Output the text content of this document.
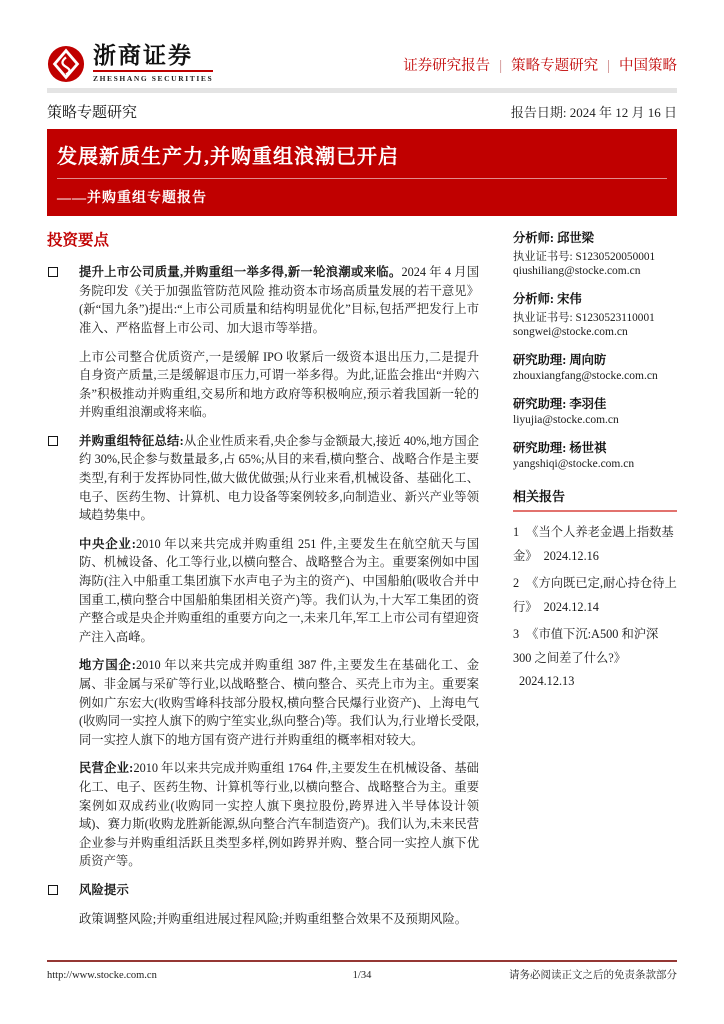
浙商证券
ZHESHANG SECURITIES
证券研究报告 | 策略专题研究 | 中国策略
策略专题研究	报告日期: 2024 年 12 月 16 日
发展新质生产力,并购重组浪潮已开启
——并购重组专题报告
投资要点
提升上市公司质量,并购重组一举多得,新一轮浪潮或来临。2024 年 4 月国务院印发《关于加强监管防范风险 推动资本市场高质量发展的若干意见》(新“国九条”)提出:“上市公司质量和结构明显优化”目标,包括严把发行上市准入、严格监督上市公司、加大退市等举措。
上市公司整合优质资产,一是缓解 IPO 收紧后一级资本退出压力,二是提升自身资产质量,三是缓解退市压力,可谓一举多得。为此,证监会推出“并购六条”积极推动并购重组,交易所和地方政府等积极响应,预示着我国新一轮的并购重组浪潮或将来临。
并购重组特征总结:从企业性质来看,央企参与金额最大,接近 40%,地方国企约 30%,民企参与数量最多,占 65%;从目的来看,横向整合、战略合作是主要类型,有利于发挥协同性,做大做优做强;从行业来看,机械设备、基础化工、电子、医药生物、计算机、电力设备等案例较多,向制造业、新兴产业等领域趋势集中。
中央企业:2010 年以来共完成并购重组 251 件,主要发生在航空航天与国防、机械设备、化工等行业,以横向整合、战略整合为主。重要案例如中国海防(注入中船重工集团旗下水声电子为主的资产)、中国船舶(吸收合并中国重工,横向整合中国船舶集团相关资产)等。我们认为,十大军工集团的资产整合或是央企并购重组的重要方向之一,未来几年,军工上市公司有望迎资产注入高峰。
地方国企:2010 年以来共完成并购重组 387 件,主要发生在基础化工、金属、非金属与采矿等行业,以战略整合、横向整合、买壳上市为主。重要案例如广东宏大(收购雪峰科技部分股权,横向整合民爆行业资产)、上海电气(收购同一实控人旗下的购宁笙实业,纵向整合)等。我们认为,行业增长受限,同一实控人旗下的地方国有资产进行并购重组的概率相对较大。
民营企业:2010 年以来共完成并购重组 1764 件,主要发生在机械设备、基础化工、电子、医药生物、计算机等行业,以横向整合、战略整合为主。重要案例如双成药业(收购同一实控人旗下奥拉股份,跨界进入半导体设计领域)、赛力斯(收购龙胜新能源,纵向整合汽车制造资产)。我们认为,未来民营企业参与并购重组活跃且类型多样,例如跨界并购、整合同一实控人旗下优质资产等。
风险提示
政策调整风险;并购重组进展过程风险;并购重组整合效果不及预期风险。
分析师: 邱世梁
执业证书号: S1230520050001
qiushiliang@stocke.com.cn
分析师: 宋伟
执业证书号: S1230523110001
songwei@stocke.com.cn
研究助理: 周向昉
zhouxiangfang@stocke.com.cn
研究助理: 李羽佳
liyujia@stocke.com.cn
研究助理: 杨世祺
yangshiqi@stocke.com.cn
相关报告
1 《当个人养老金遇上指数基金》 2024.12.16
2 《方向既已定,耐心持仓待上行》 2024.12.14
3 《市值下沉:A500 和沪深 300 之间差了什么?》2024.12.13
http://www.stocke.com.cn	1/34	请务必阅读正文之后的免责条款部分
